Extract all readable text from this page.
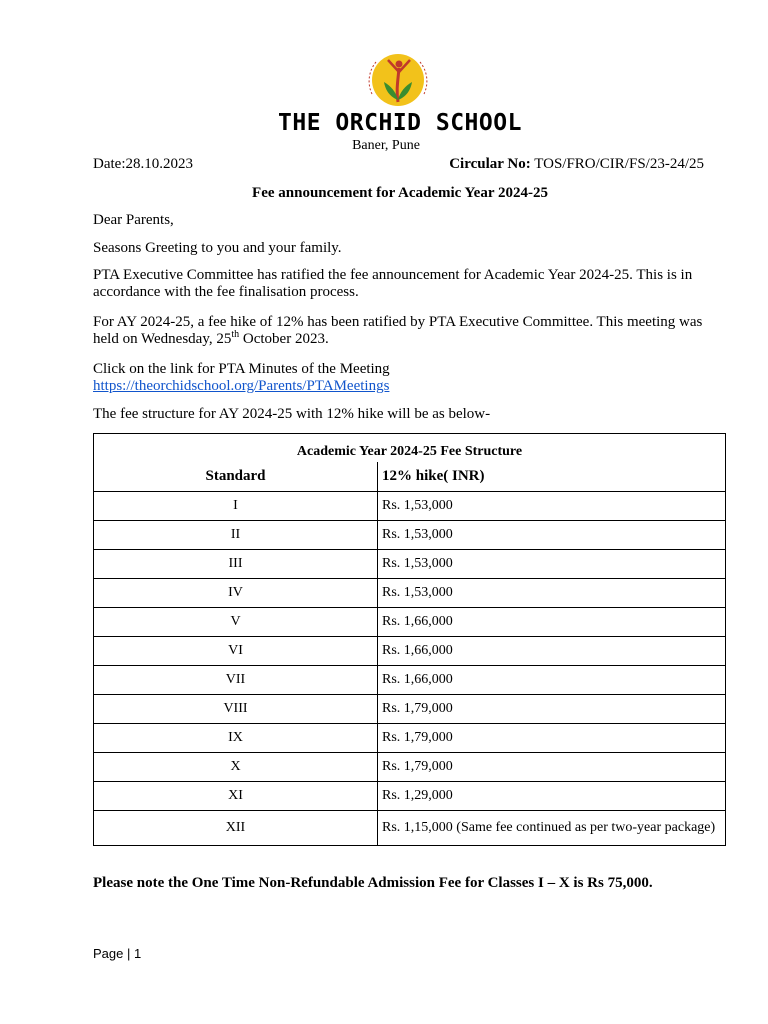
THE ORCHID SCHOOL
Baner, Pune
Date:28.10.2023	Circular No: TOS/FRO/CIR/FS/23-24/25
Fee announcement for Academic Year 2024-25
Dear Parents,
Seasons Greeting to you and your family.
PTA Executive Committee has ratified the fee announcement for Academic Year 2024-25. This is in accordance with the fee finalisation process.
For AY 2024-25, a fee hike of 12% has been ratified by PTA Executive Committee. This meeting was held on Wednesday, 25th October 2023.
Click on the link for PTA Minutes of the Meeting
https://theorchidschool.org/Parents/PTAMeetings
The fee structure for AY 2024-25 with 12% hike will be as below-
Academic Year 2024-25 Fee Structure	
Standard	12% hike( INR)
I	Rs. 1,53,000
II	Rs. 1,53,000
III	Rs. 1,53,000
IV	Rs. 1,53,000
V	Rs. 1,66,000
VI	Rs. 1,66,000
VII	Rs. 1,66,000
VIII	Rs. 1,79,000
IX	Rs. 1,79,000
X	Rs. 1,79,000
XI	Rs. 1,29,000
XII	Rs. 1,15,000 (Same fee continued as per two-year package)
Please note the One Time Non-Refundable Admission Fee for Classes I – X is Rs 75,000.
Page | 1
